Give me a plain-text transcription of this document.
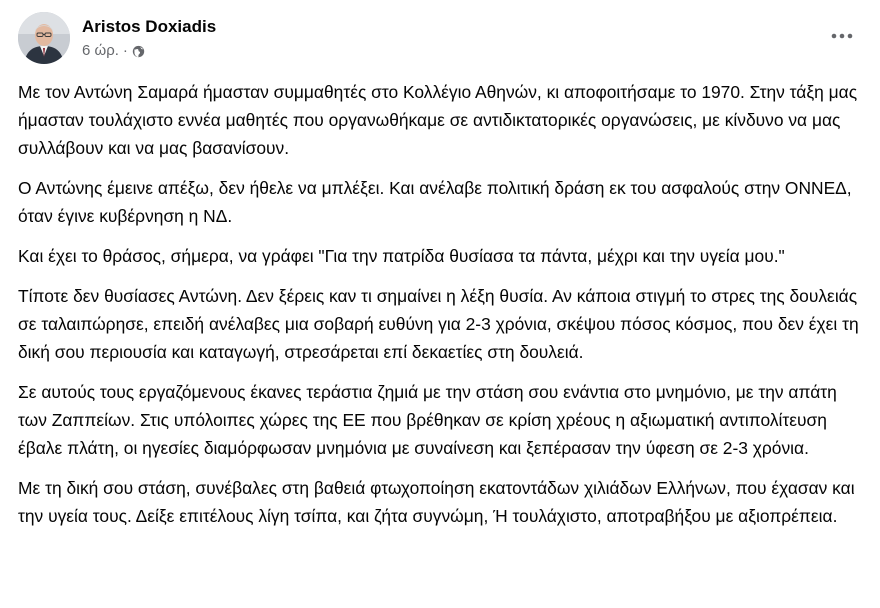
Aristos Doxiadis
6 ώρ. ·

Με τον Αντώνη Σαμαρά ήμασταν συμμαθητές στο Κολλέγιο Αθηνών, κι αποφοιτήσαμε το 1970. Στην τάξη μας ήμασταν τουλάχιστο εννέα μαθητές που οργανωθήκαμε σε αντιδικτατορικές οργανώσεις, με κίνδυνο να μας συλλάβουν και να μας βασανίσουν.

Ο Αντώνης έμεινε απέξω, δεν ήθελε να μπλέξει. Και ανέλαβε πολιτική δράση εκ του ασφαλούς στην ΟΝΝΕΔ, όταν έγινε κυβέρνηση η ΝΔ.

Και έχει το θράσος, σήμερα, να γράφει "Για την πατρίδα θυσίασα τα πάντα, μέχρι και την υγεία μου."

Τίποτε δεν θυσίασες Αντώνη. Δεν ξέρεις καν τι σημαίνει η λέξη θυσία. Αν κάποια στιγμή το στρες της δουλειάς σε ταλαιπώρησε, επειδή ανέλαβες μια σοβαρή ευθύνη για 2-3 χρόνια, σκέψου πόσος κόσμος, που δεν έχει τη δική σου περιουσία και καταγωγή, στρεσάρεται επί δεκαετίες στη δουλειά.

Σε αυτούς τους εργαζόμενους έκανες τεράστια ζημιά με την στάση σου ενάντια στο μνημόνιο, με την απάτη των Ζαππείων. Στις υπόλοιπες χώρες της ΕΕ που βρέθηκαν σε κρίση χρέους η αξιωματική αντιπολίτευση έβαλε πλάτη, οι ηγεσίες διαμόρφωσαν μνημόνια με συναίνεση και ξεπέρασαν την ύφεση σε 2-3 χρόνια.

Με τη δική σου στάση, συνέβαλες στη βαθειά φτωχοποίηση εκατοντάδων χιλιάδων Ελλήνων, που έχασαν και την υγεία τους. Δείξε επιτέλους λίγη τσίπα, και ζήτα συγνώμη, Ή τουλάχιστο, αποτραβήξου με αξιοπρέπεια.
